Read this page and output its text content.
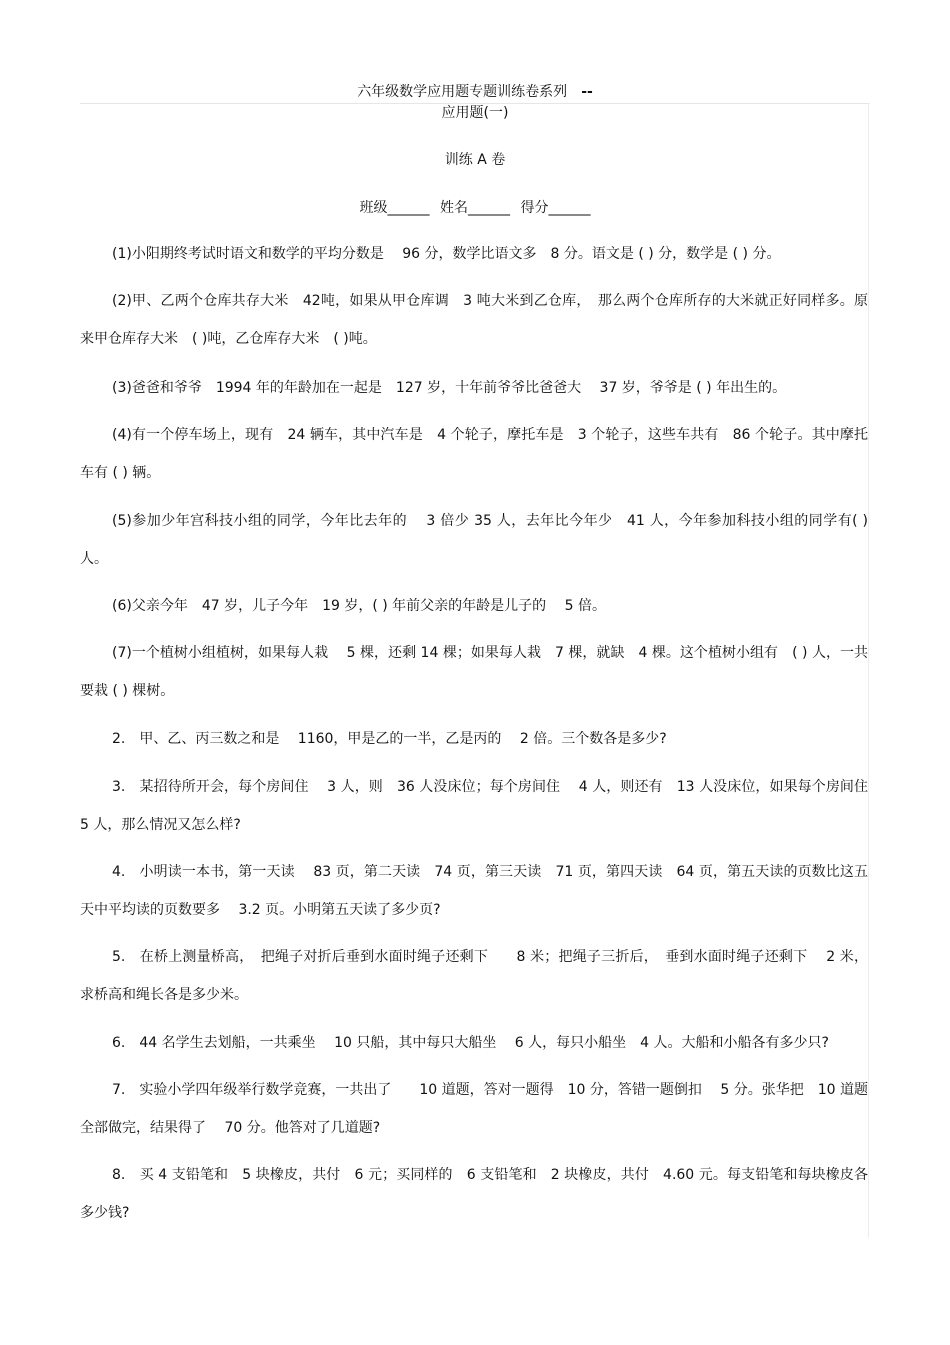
六年级数学应用题专题训练卷系列 --
应用题(一)
训练 A 卷
班级______ 姓名______ 得分______
(1)小阳期终考试时语文和数学的平均分数是　 96 分，数学比语文多　8 分。语文是 ( ) 分，数学是 ( ) 分。
(2)甲、乙两个仓库共存大米　42吨，如果从甲仓库调　3 吨大米到乙仓库，　那么两个仓库所存的大米就正好同样多。原来甲仓库存大米　( )吨，乙仓库存大米　( )吨。
(3)爸爸和爷爷　1994 年的年龄加在一起是　127 岁，十年前爷爷比爸爸大　 37 岁，爷爷是 ( ) 年出生的。
(4)有一个停车场上，现有　24 辆车，其中汽车是　4 个轮子，摩托车是　3 个轮子，这些车共有　86 个轮子。其中摩托车有 ( ) 辆。
(5)参加少年宫科技小组的同学，今年比去年的　 3 倍少 35 人，去年比今年少　41 人，今年参加科技小组的同学有( ) 人。
(6)父亲今年　47 岁，儿子今年　19 岁，( ) 年前父亲的年龄是儿子的　 5 倍。
(7)一个植树小组植树，如果每人栽　 5 棵，还剩 14 棵；如果每人栽　7 棵，就缺　4 棵。这个植树小组有　( ) 人，一共要栽 ( ) 棵树。
2.　甲、乙、丙三数之和是　 1160，甲是乙的一半，乙是丙的　 2 倍。三个数各是多少?
3.　某招待所开会，每个房间住　 3 人，则　36 人没床位；每个房间住　 4 人，则还有　13 人没床位，如果每个房间住 5 人，那么情况又怎么样?
4.　小明读一本书，第一天读　 83 页，第二天读　74 页，第三天读　71 页，第四天读　64 页，第五天读的页数比这五天中平均读的页数要多　 3.2 页。小明第五天读了多少页?
5.　在桥上测量桥高，　把绳子对折后垂到水面时绳子还剩下　　8 米；把绳子三折后，　垂到水面时绳子还剩下　 2 米，求桥高和绳长各是多少米。
6.　44 名学生去划船，一共乘坐　 10 只船，其中每只大船坐　 6 人，每只小船坐　4 人。大船和小船各有多少只?
7.　实验小学四年级举行数学竞赛，一共出了　　10 道题，答对一题得　10 分，答错一题倒扣　 5 分。张华把　10 道题全部做完，结果得了　 70 分。他答对了几道题?
8.　买 4 支铅笔和　5 块橡皮，共付　6 元；买同样的　6 支铅笔和　2 块橡皮，共付　4.60 元。每支铅笔和每块橡皮各多少钱?
